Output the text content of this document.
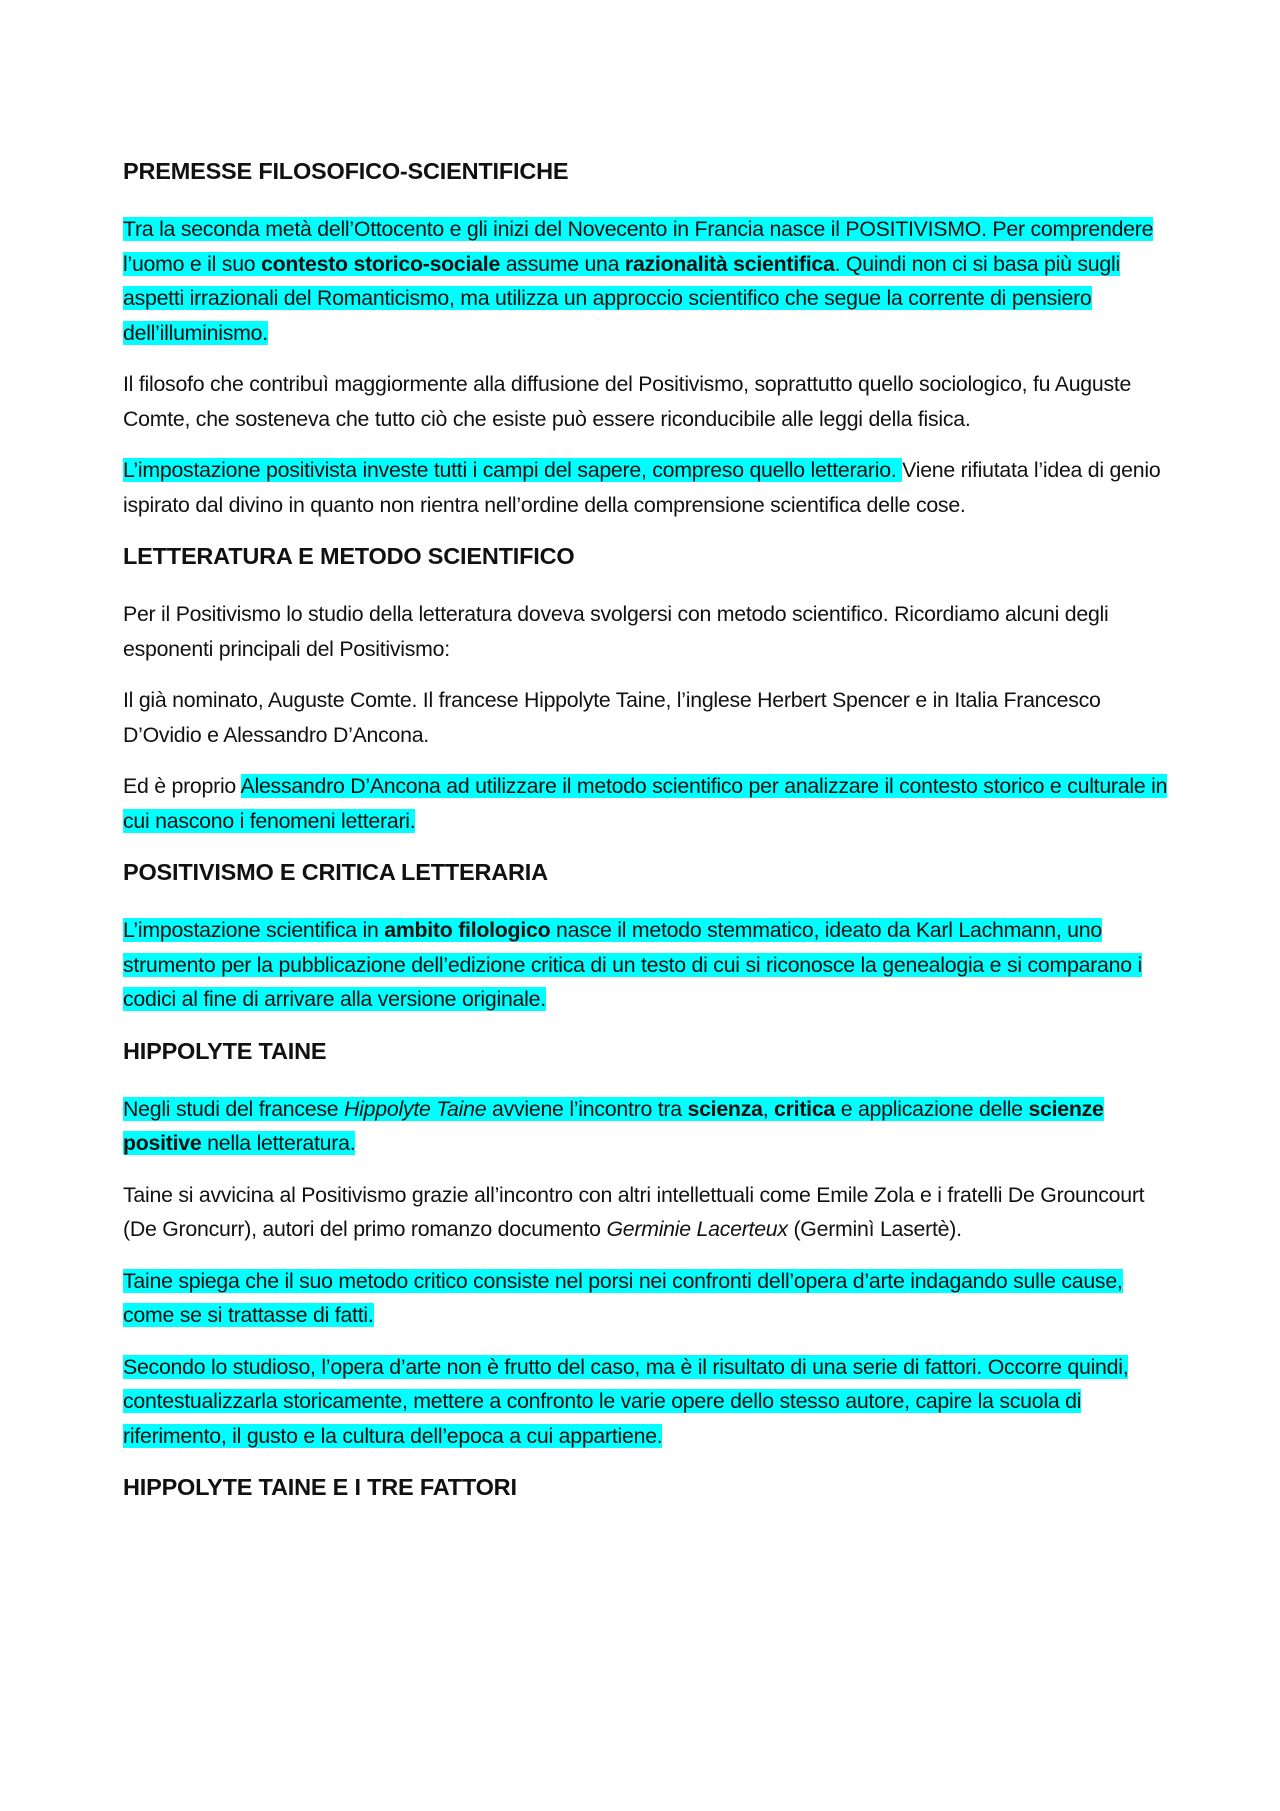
PREMESSE FILOSOFICO-SCIENTIFICHE

Tra la seconda metà dell’Ottocento e gli inizi del Novecento in Francia nasce il POSITIVISMO. Per comprendere l’uomo e il suo contesto storico-sociale assume una razionalità scientifica. Quindi non ci si basa più sugli aspetti irrazionali del Romanticismo, ma utilizza un approccio scientifico che segue la corrente di pensiero dell’illuminismo.

Il filosofo che contribuì maggiormente alla diffusione del Positivismo, soprattutto quello sociologico, fu Auguste Comte, che sosteneva che tutto ciò che esiste può essere riconducibile alle leggi della fisica.

L’impostazione positivista investe tutti i campi del sapere, compreso quello letterario. Viene rifiutata l’idea di genio ispirato dal divino in quanto non rientra nell’ordine della comprensione scientifica delle cose.

LETTERATURA E METODO SCIENTIFICO

Per il Positivismo lo studio della letteratura doveva svolgersi con metodo scientifico. Ricordiamo alcuni degli esponenti principali del Positivismo:

Il già nominato, Auguste Comte. Il francese Hippolyte Taine, l’inglese Herbert Spencer e in Italia Francesco D’Ovidio e Alessandro D’Ancona.

Ed è proprio Alessandro D’Ancona ad utilizzare il metodo scientifico per analizzare il contesto storico e culturale in cui nascono i fenomeni letterari.

POSITIVISMO E CRITICA LETTERARIA

L’impostazione scientifica in ambito filologico nasce il metodo stemmatico, ideato da Karl Lachmann, uno strumento per la pubblicazione dell’edizione critica di un testo di cui si riconosce la genealogia e si comparano i codici al fine di arrivare alla versione originale.

HIPPOLYTE TAINE

Negli studi del francese Hippolyte Taine avviene l’incontro tra scienza, critica e applicazione delle scienze positive nella letteratura.

Taine si avvicina al Positivismo grazie all’incontro con altri intellettuali come Emile Zola e i fratelli De Grouncourt (De Groncurr), autori del primo romanzo documento Germinie Lacerteux (Germinì Lasertè).

Taine spiega che il suo metodo critico consiste nel porsi nei confronti dell’opera d’arte indagando sulle cause, come se si trattasse di fatti.

Secondo lo studioso, l’opera d’arte non è frutto del caso, ma è il risultato di una serie di fattori. Occorre quindi, contestualizzarla storicamente, mettere a confronto le varie opere dello stesso autore, capire la scuola di riferimento, il gusto e la cultura dell’epoca a cui appartiene.

HIPPOLYTE TAINE E I TRE FATTORI
